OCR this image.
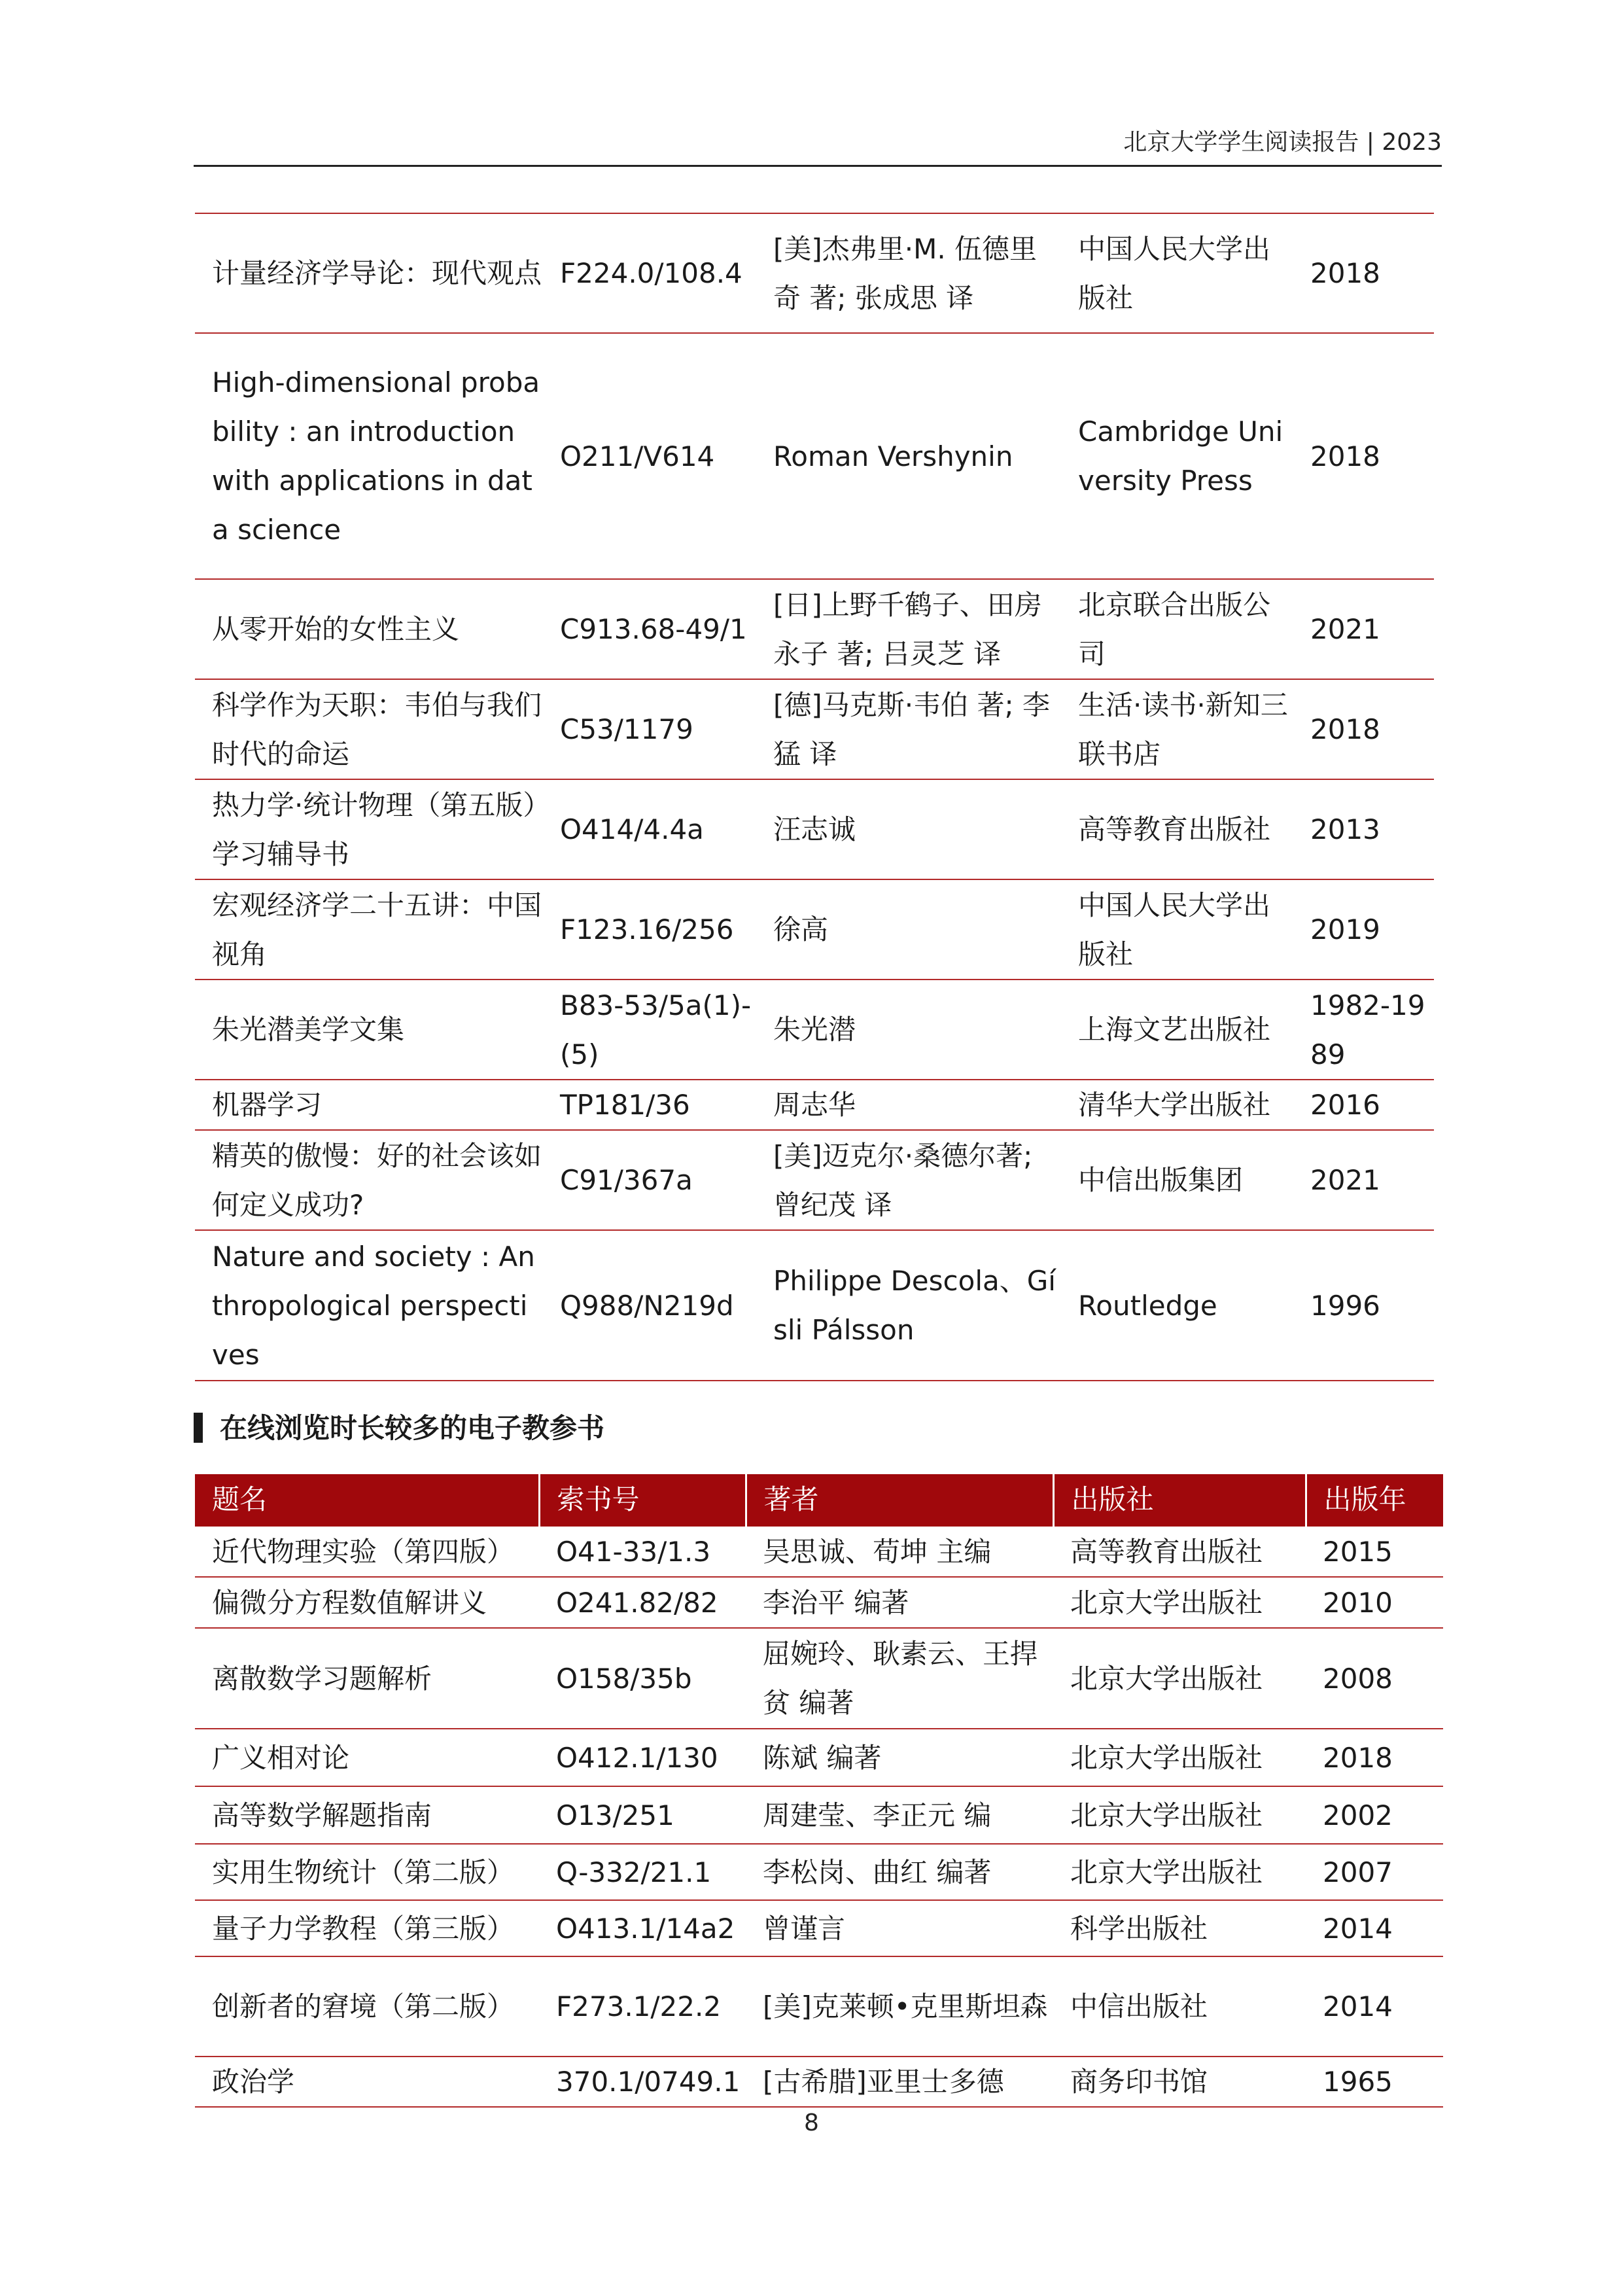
北京大学学生阅读报告 | 2023
计量经济学导论：现代观点	F224.0/108.4	[美]杰弗里·M. 伍德里奇 著; 张成思 译	中国人民大学出版社	2018
High-dimensional probability : an introduction with applications in data science	O211/V614	Roman Vershynin	Cambridge University Press	2018
从零开始的女性主义	C913.68-49/1	[日]上野千鹤子、田房永子 著; 吕灵芝 译	北京联合出版公司	2021
科学作为天职：韦伯与我们时代的命运	C53/1179	[德]马克斯·韦伯 著; 李猛 译	生活·读书·新知三联书店	2018
热力学·统计物理（第五版）学习辅导书	O414/4.4a	汪志诚	高等教育出版社	2013
宏观经济学二十五讲：中国视角	F123.16/256	徐高	中国人民大学出版社	2019
朱光潜美学文集	B83-53/5a(1)-(5)	朱光潜	上海文艺出版社	1982-1989
机器学习	TP181/36	周志华	清华大学出版社	2016
精英的傲慢：好的社会该如何定义成功?	C91/367a	[美]迈克尔·桑德尔著; 曾纪茂 译	中信出版集团	2021
Nature and society : Anthropological perspectives	Q988/N219d	Philippe Descola、Gísli Pálsson	Routledge	1996
在线浏览时长较多的电子教参书
题名	索书号	著者	出版社	出版年
近代物理实验（第四版）	O41-33/1.3	吴思诚、荀坤 主编	高等教育出版社	2015
偏微分方程数值解讲义	O241.82/82	李治平 编著	北京大学出版社	2010
离散数学习题解析	O158/35b	屈婉玲、耿素云、王捍贫 编著	北京大学出版社	2008
广义相对论	O412.1/130	陈斌 编著	北京大学出版社	2018
高等数学解题指南	O13/251	周建莹、李正元 编	北京大学出版社	2002
实用生物统计（第二版）	Q-332/21.1	李松岗、曲红 编著	北京大学出版社	2007
量子力学教程（第三版）	O413.1/14a2	曾谨言	科学出版社	2014
创新者的窘境（第二版）	F273.1/22.2	[美]克莱顿•克里斯坦森	中信出版社	2014
政治学	370.1/0749.1	[古希腊]亚里士多德	商务印书馆	1965
8
